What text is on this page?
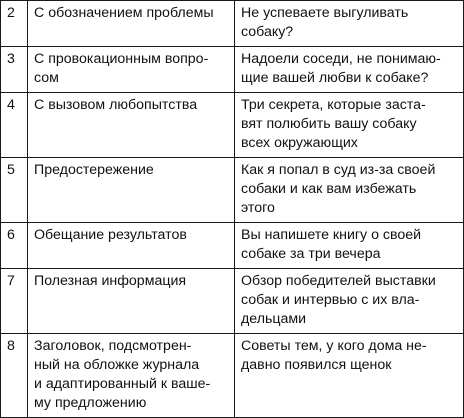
2	С обозначением проблемы	Не успеваете выгуливать
собаку?
3	С провокационным вопро-
сом	Надоели соседи, не понимаю-
щие вашей любви к собаке?
4	С вызовом любопытства	Три секрета, которые заста-
вят полюбить вашу собаку
всех окружающих
5	Предостережение	Как я попал в суд из-за своей
собаки и как вам избежать
этого
6	Обещание результатов	Вы напишете книгу о своей
собаке за три вечера
7	Полезная информация	Обзор победителей выставки
собак и интервью с их вла-
дельцами
8	Заголовок, подсмотрен-
ный на обложке журнала
и адаптированный к ваше-
му предложению	Советы тем, у кого дома не-
давно появился щенок
